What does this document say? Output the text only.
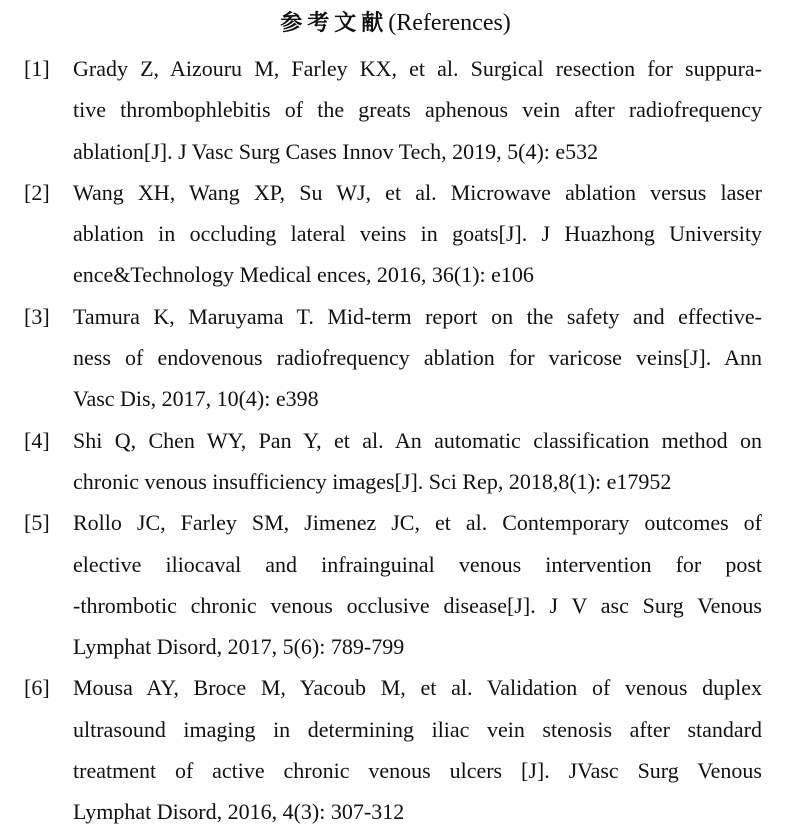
参考文献(References)
[1] Grady Z, Aizouru M, Farley KX, et al. Surgical resection for suppura-
tive thrombophlebitis of the greats aphenous vein after radiofrequency
ablation[J]. J Vasc Surg Cases Innov Tech, 2019, 5(4): e532
[2] Wang XH, Wang XP, Su WJ, et al. Microwave ablation versus laser
ablation in occluding lateral veins in goats[J]. J Huazhong University
ence&Technology Medical ences, 2016, 36(1): e106
[3] Tamura K, Maruyama T. Mid-term report on the safety and effective-
ness of endovenous radiofrequency ablation for varicose veins[J]. Ann
Vasc Dis, 2017, 10(4): e398
[4] Shi Q, Chen WY, Pan Y, et al. An automatic classification method on
chronic venous insufficiency images[J]. Sci Rep, 2018,8(1): e17952
[5] Rollo JC, Farley SM, Jimenez JC, et al. Contemporary outcomes of
elective iliocaval and infrainguinal venous intervention for post
-thrombotic chronic venous occlusive disease[J]. J V asc Surg Venous
Lymphat Disord, 2017, 5(6): 789-799
[6] Mousa AY, Broce M, Yacoub M, et al. Validation of venous duplex
ultrasound imaging in determining iliac vein stenosis after standard
treatment of active chronic venous ulcers [J]. JVasc Surg Venous
Lymphat Disord, 2016, 4(3): 307-312
